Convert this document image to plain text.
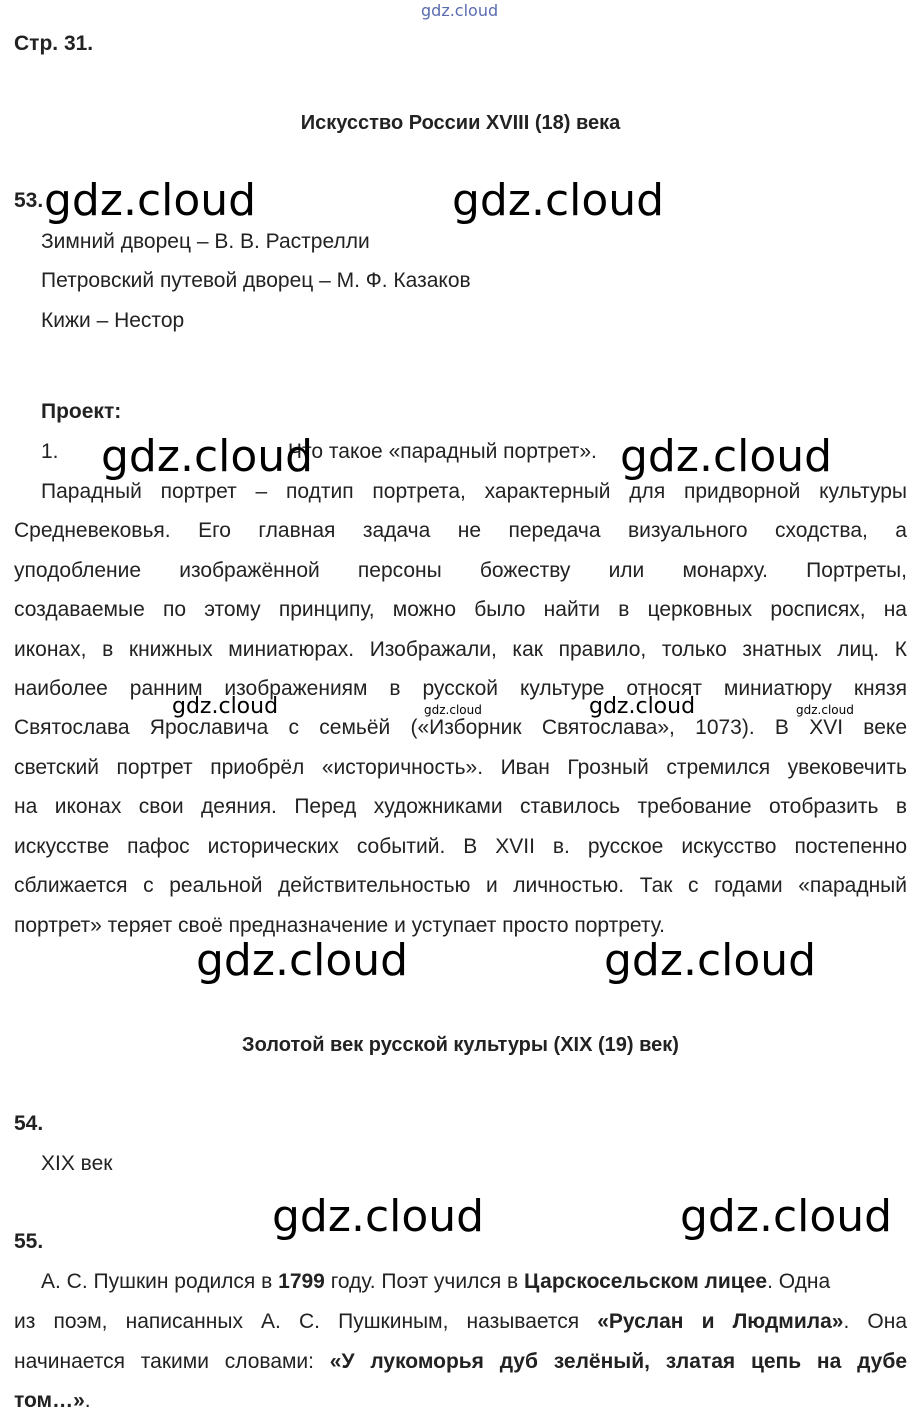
gdz.cloud
Стр. 31.
Искусство России XVIII (18) века
53.
Зимний дворец – В. В. Растрелли
Петровский путевой дворец – М. Ф. Казаков
Кижи – Нестор
Проект:
1.	Что такое «парадный портрет».
Парадный портрет – подтип портрета, характерный для придворной культуры
Средневековья. Его главная задача не передача визуального сходства, а
уподобление изображённой персоны божеству или монарху. Портреты,
создаваемые по этому принципу, можно было найти в церковных росписях, на
иконах, в книжных миниатюрах. Изображали, как правило, только знатных лиц. К
наиболее ранним изображениям в русской культуре относят миниатюру князя
Святослава Ярославича с семьёй («Изборник Святослава», 1073). В XVI веке
светский портрет приобрёл «историчность». Иван Грозный стремился увековечить
на иконах свои деяния. Перед художниками ставилось требование отобразить в
искусстве пафос исторических событий. В XVII в. русское искусство постепенно
сближается с реальной действительностью и личностью. Так с годами «парадный
портрет» теряет своё предназначение и уступает просто портрету.
Золотой век русской культуры (XIX (19) век)
54.
XIX век
55.
А. С. Пушкин родился в 1799 году. Поэт учился в Царскосельском лицее. Одна
из поэм, написанных А. С. Пушкиным, называется «Руслан и Людмила». Она
начинается такими словами: «У лукоморья дуб зелёный, златая цепь на дубе
том…».
gdz.cloud	gdz.cloud
gdz.cloud	gdz.cloud
gdz.cloud	gdz.cloud	gdz.cloud	gdz.cloud
gdz.cloud	gdz.cloud
gdz.cloud	gdz.cloud
